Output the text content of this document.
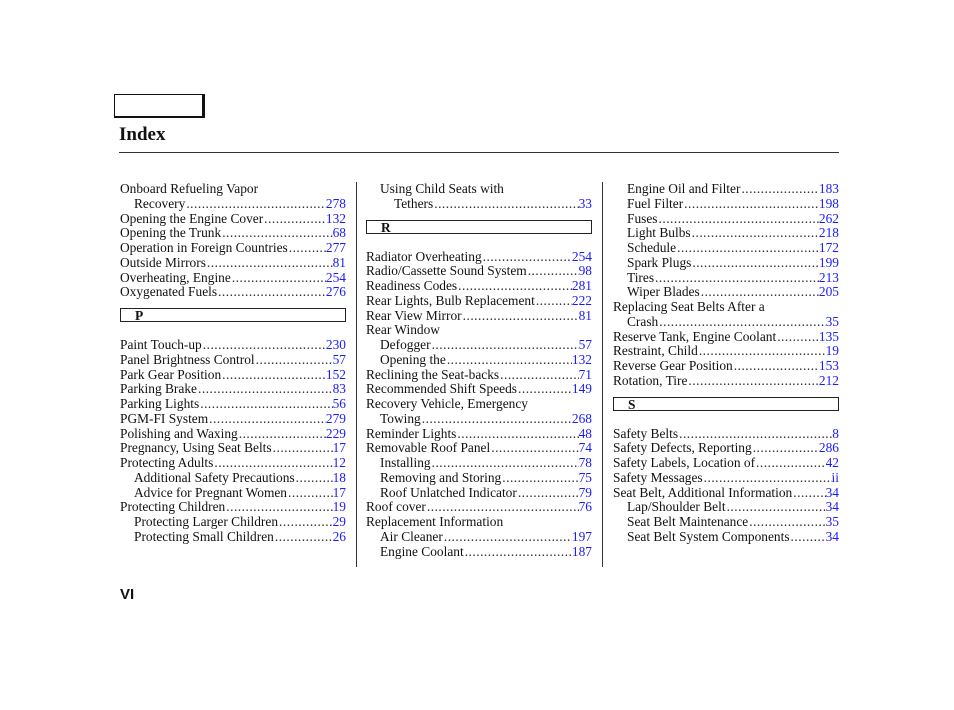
Index
Onboard Refueling Vapor
Recovery .....	278
Opening the Engine Cover .....	132
Opening the Trunk .....	68
Operation in Foreign Countries .....	277
Outside Mirrors .....	81
Overheating, Engine .....	254
Oxygenated Fuels .....	276
P
Paint Touch-up .....	230
Panel Brightness Control .....	57
Park Gear Position .....	152
Parking Brake .....	83
Parking Lights .....	56
PGM-FI System .....	279
Polishing and Waxing .....	229
Pregnancy, Using Seat Belts .....	17
Protecting Adults .....	12
Additional Safety Precautions .....	18
Advice for Pregnant Women .....	17
Protecting Children .....	19
Protecting Larger Children .....	29
Protecting Small Children .....	26
Using Child Seats with
Tethers .....	33
R
Radiator Overheating .....	254
Radio/Cassette Sound System .....	98
Readiness Codes .....	281
Rear Lights, Bulb Replacement .....	222
Rear View Mirror .....	81
Rear Window
Defogger .....	57
Opening the .....	132
Reclining the Seat-backs .....	71
Recommended Shift Speeds .....	149
Recovery Vehicle, Emergency
Towing .....	268
Reminder Lights .....	48
Removable Roof Panel .....	74
Installing .....	78
Removing and Storing .....	75
Roof Unlatched Indicator .....	79
Roof cover .....	76
Replacement Information
Air Cleaner .....	197
Engine Coolant .....	187
Engine Oil and Filter .....	183
Fuel Filter .....	198
Fuses .....	262
Light Bulbs .....	218
Schedule .....	172
Spark Plugs .....	199
Tires .....	213
Wiper Blades .....	205
Replacing Seat Belts After a
Crash .....	35
Reserve Tank, Engine Coolant .....	135
Restraint, Child .....	19
Reverse Gear Position .....	153
Rotation, Tire .....	212
S
Safety Belts .....	8
Safety Defects, Reporting .....	286
Safety Labels, Location of .....	42
Safety Messages .....	ii
Seat Belt, Additional Information ..... 34
Lap/Shoulder Belt .....	34
Seat Belt Maintenance .....	35
Seat Belt System Components .....	34
VI
